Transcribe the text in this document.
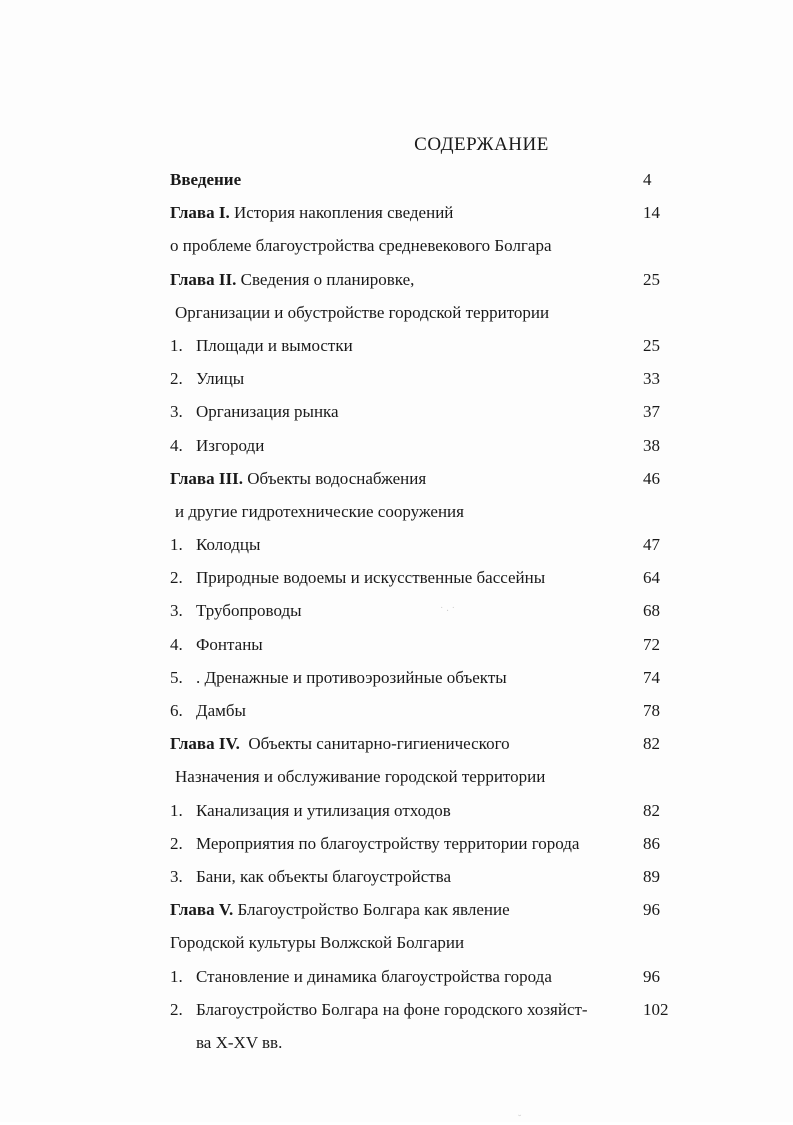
СОДЕРЖАНИЕ
Введение	4
Глава I. История накопления сведений	14
о проблеме благоустройства средневекового Болгара
Глава II. Сведения о планировке,	25
Организации и обустройстве городской территории
1. Площади и вымостки	25
2. Улицы	33
3. Организация рынка	37
4. Изгороди	38
Глава III. Объекты водоснабжения	46
и другие гидротехнические сооружения
1. Колодцы	47
2. Природные водоемы и искусственные бассейны	64
3. Трубопроводы	68
4. Фонтаны	72
5. . Дренажные и противоэрозийные объекты	74
6. Дамбы	78
Глава IV.  Объекты санитарно-гигиенического	82
Назначения и обслуживание городской территории
1. Канализация и утилизация отходов	82
2. Мероприятия по благоустройству территории города	86
3. Бани, как объекты благоустройства	89
Глава V. Благоустройство Болгара как явление	96
Городской культуры Волжской Болгарии
1. Становление и динамика благоустройства города	96
2. Благоустройство Болгара на фоне городского хозяйст-	102
ва X-XV вв.
˙ · ˙
˘
